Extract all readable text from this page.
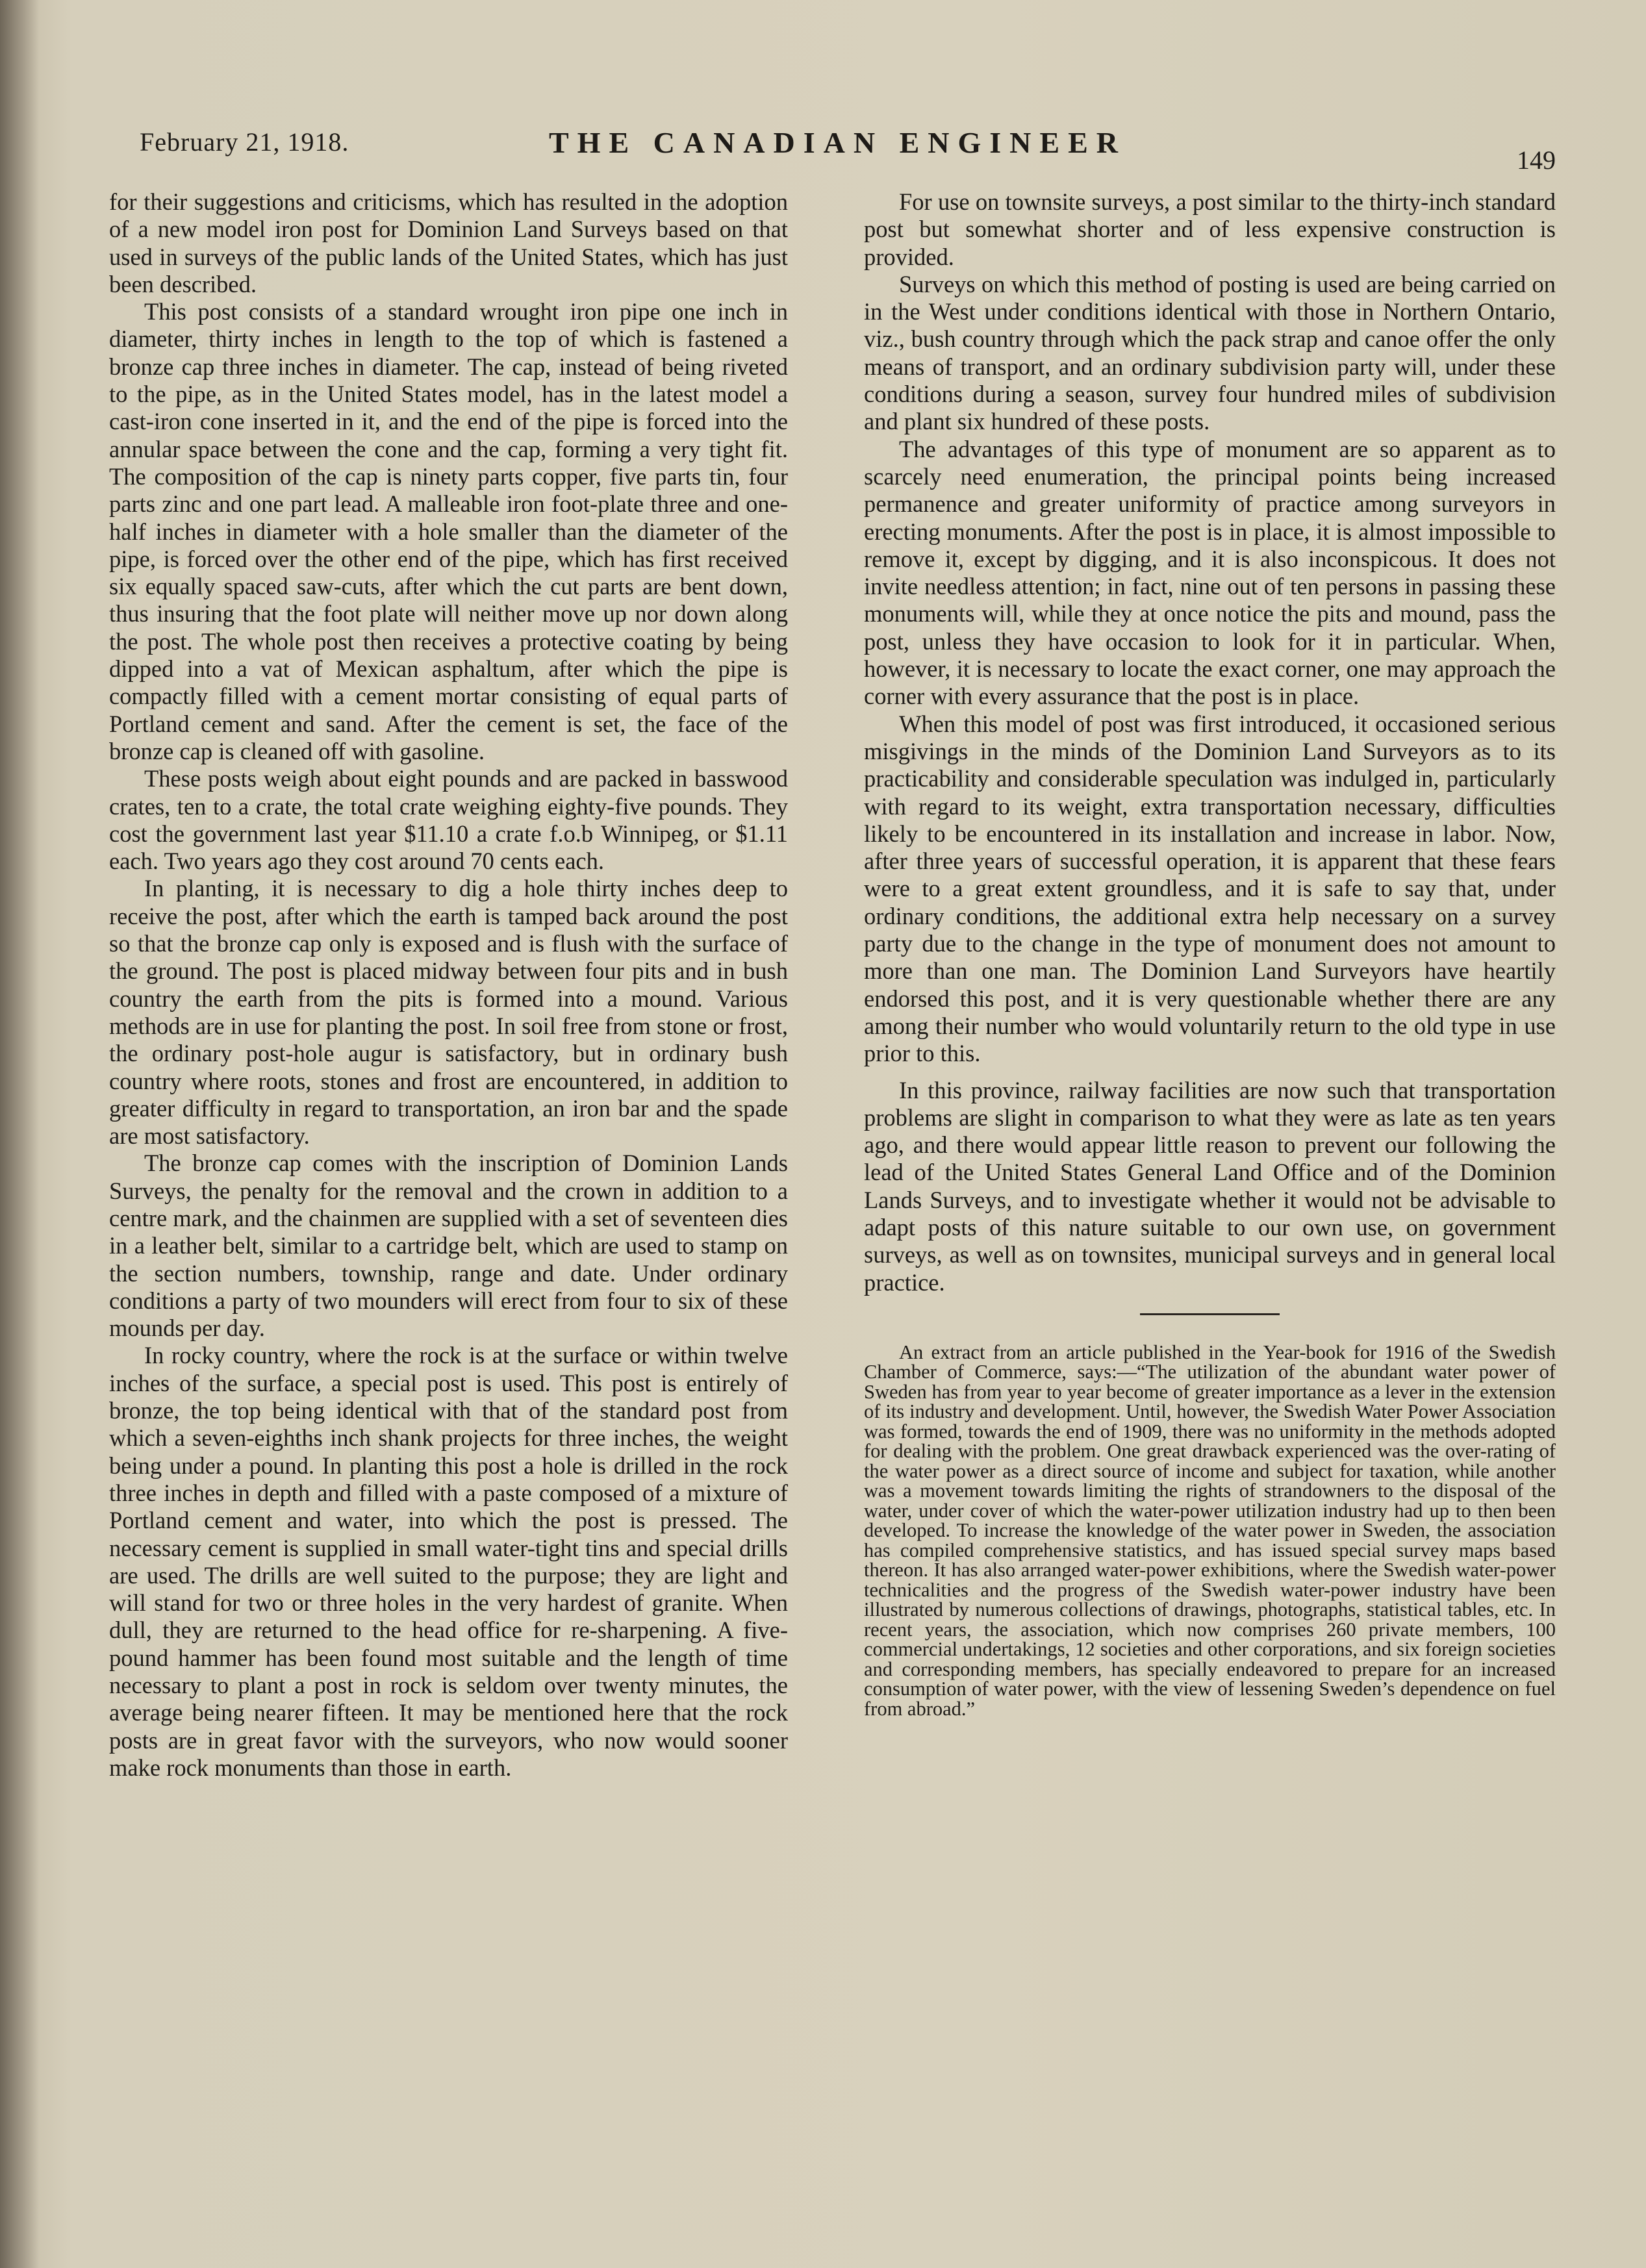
February 21, 1918.	THE CANADIAN ENGINEER
149

for their suggestions and criticisms, which has resulted in the adoption of a new model iron post for Dominion Land Surveys based on that used in surveys of the public lands of the United States, which has just been described.

This post consists of a standard wrought iron pipe one inch in diameter, thirty inches in length to the top of which is fastened a bronze cap three inches in diameter. The cap, instead of being riveted to the pipe, as in the United States model, has in the latest model a cast-iron cone inserted in it, and the end of the pipe is forced into the annular space between the cone and the cap, forming a very tight fit. The composition of the cap is ninety parts copper, five parts tin, four parts zinc and one part lead. A malleable iron foot-plate three and one-half inches in diameter with a hole smaller than the diameter of the pipe, is forced over the other end of the pipe, which has first received six equally spaced saw-cuts, after which the cut parts are bent down, thus insuring that the foot plate will neither move up nor down along the post. The whole post then receives a protective coating by being dipped into a vat of Mexican asphaltum, after which the pipe is compactly filled with a cement mortar consisting of equal parts of Portland cement and sand. After the cement is set, the face of the bronze cap is cleaned off with gasoline.

These posts weigh about eight pounds and are packed in basswood crates, ten to a crate, the total crate weighing eighty-five pounds. They cost the government last year $11.10 a crate f.o.b Winnipeg, or $1.11 each. Two years ago they cost around 70 cents each.

In planting, it is necessary to dig a hole thirty inches deep to receive the post, after which the earth is tamped back around the post so that the bronze cap only is exposed and is flush with the surface of the ground. The post is placed midway between four pits and in bush country the earth from the pits is formed into a mound. Various methods are in use for planting the post. In soil free from stone or frost, the ordinary post-hole augur is satisfactory, but in ordinary bush country where roots, stones and frost are encountered, in addition to greater difficulty in regard to transportation, an iron bar and the spade are most satisfactory.

The bronze cap comes with the inscription of Dominion Lands Surveys, the penalty for the removal and the crown in addition to a centre mark, and the chainmen are supplied with a set of seventeen dies in a leather belt, similar to a cartridge belt, which are used to stamp on the section numbers, township, range and date. Under ordinary conditions a party of two mounders will erect from four to six of these mounds per day.

In rocky country, where the rock is at the surface or within twelve inches of the surface, a special post is used. This post is entirely of bronze, the top being identical with that of the standard post from which a seven-eighths inch shank projects for three inches, the weight being under a pound. In planting this post a hole is drilled in the rock three inches in depth and filled with a paste composed of a mixture of Portland cement and water, into which the post is pressed. The necessary cement is supplied in small water-tight tins and special drills are used. The drills are well suited to the purpose; they are light and will stand for two or three holes in the very hardest of granite. When dull, they are returned to the head office for re-sharpening. A five-pound hammer has been found most suitable and the length of time necessary to plant a post in rock is seldom over twenty minutes, the average being nearer fifteen. It may be mentioned here that the rock posts are in great favor with the surveyors, who now would sooner make rock monuments than those in earth.

For use on townsite surveys, a post similar to the thirty-inch standard post but somewhat shorter and of less expensive construction is provided.

Surveys on which this method of posting is used are being carried on in the West under conditions identical with those in Northern Ontario, viz., bush country through which the pack strap and canoe offer the only means of transport, and an ordinary subdivision party will, under these conditions during a season, survey four hundred miles of subdivision and plant six hundred of these posts.

The advantages of this type of monument are so apparent as to scarcely need enumeration, the principal points being increased permanence and greater uniformity of practice among surveyors in erecting monuments. After the post is in place, it is almost impossible to remove it, except by digging, and it is also inconspicous. It does not invite needless attention; in fact, nine out of ten persons in passing these monuments will, while they at once notice the pits and mound, pass the post, unless they have occasion to look for it in particular. When, however, it is necessary to locate the exact corner, one may approach the corner with every assurance that the post is in place.

When this model of post was first introduced, it occasioned serious misgivings in the minds of the Dominion Land Surveyors as to its practicability and considerable speculation was indulged in, particularly with regard to its weight, extra transportation necessary, difficulties likely to be encountered in its installation and increase in labor. Now, after three years of successful operation, it is apparent that these fears were to a great extent groundless, and it is safe to say that, under ordinary conditions, the additional extra help necessary on a survey party due to the change in the type of monument does not amount to more than one man. The Dominion Land Surveyors have heartily endorsed this post, and it is very questionable whether there are any among their number who would voluntarily return to the old type in use prior to this.

In this province, railway facilities are now such that transportation problems are slight in comparison to what they were as late as ten years ago, and there would appear little reason to prevent our following the lead of the United States General Land Office and of the Dominion Lands Surveys, and to investigate whether it would not be advisable to adapt posts of this nature suitable to our own use, on government surveys, as well as on townsites, municipal surveys and in general local practice.

An extract from an article published in the Year-book for 1916 of the Swedish Chamber of Commerce, says:—“The utilization of the abundant water power of Sweden has from year to year become of greater importance as a lever in the extension of its industry and development. Until, however, the Swedish Water Power Association was formed, towards the end of 1909, there was no uniformity in the methods adopted for dealing with the problem. One great drawback experienced was the over-rating of the water power as a direct source of income and subject for taxation, while another was a movement towards limiting the rights of strandowners to the disposal of the water, under cover of which the water-power utilization industry had up to then been developed. To increase the knowledge of the water power in Sweden, the association has compiled comprehensive statistics, and has issued special survey maps based thereon. It has also arranged water-power exhibitions, where the Swedish water-power technicalities and the progress of the Swedish water-power industry have been illustrated by numerous collections of drawings, photographs, statistical tables, etc. In recent years, the association, which now comprises 260 private members, 100 commercial undertakings, 12 societies and other corporations, and six foreign societies and corresponding members, has specially endeavored to prepare for an increased consumption of water power, with the view of lessening Sweden’s dependence on fuel from abroad.”
